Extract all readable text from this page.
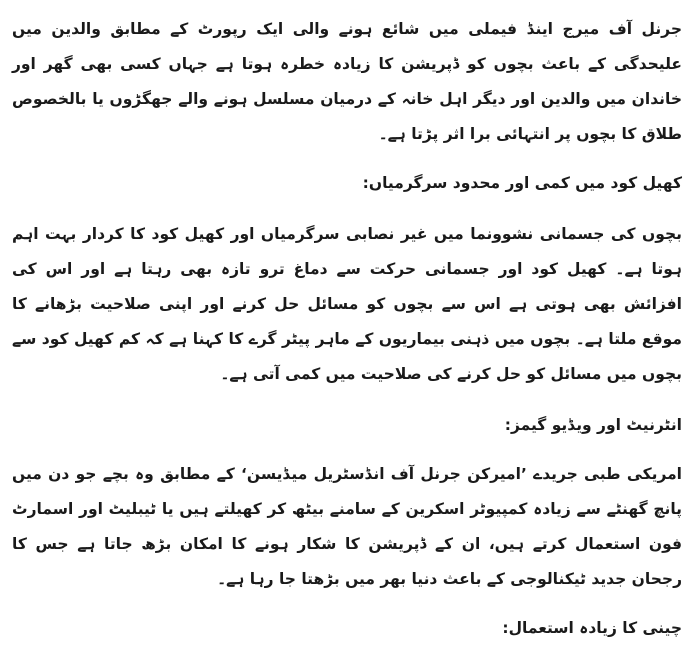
جرنل آف میرج اینڈ فیملی میں شائع ہونے والی ایک رپورٹ کے مطابق والدین میں علیحدگی کے باعث بچوں کو ڈپریشن کا زیادہ خطرہ ہوتا ہے جہاں کسی بھی گھر اور خاندان میں والدین اور دیگر اہل خانہ کے درمیان مسلسل ہونے والے جھگڑوں یا بالخصوص طلاق کا بچوں پر انتہائی برا اثر پڑتا ہے۔

کھیل کود میں کمی اور محدود سرگرمیاں:

بچوں کی جسمانی نشوونما میں غیر نصابی سرگرمیاں اور کھیل کود کا کردار بہت اہم ہوتا ہے۔ کھیل کود اور جسمانی حرکت سے دماغ ترو تازہ بھی رہتا ہے اور اس کی افزائش بھی ہوتی ہے اس سے بچوں کو مسائل حل کرنے اور اپنی صلاحیت بڑھانے کا موقع ملتا ہے۔ بچوں میں ذہنی بیماریوں کے ماہر پیٹر گرے کا کہنا ہے کہ کم کھیل کود سے بچوں میں مسائل کو حل کرنے کی صلاحیت میں کمی آتی ہے۔

انٹرنیٹ اور ویڈیو گیمز:

امریکی طبی جریدے ’امیرکن جرنل آف انڈسٹریل میڈیسن‘ کے مطابق وہ بچے جو دن میں پانچ گھنٹے سے زیادہ کمپیوٹر اسکرین کے سامنے بیٹھ کر کھیلتے ہیں یا ٹیبلیٹ اور اسمارٹ فون استعمال کرتے ہیں، ان کے ڈپریشن کا شکار ہونے کا امکان بڑھ جاتا ہے جس کا رجحان جدید ٹیکنالوجی کے باعث دنیا بھر میں بڑھتا جا رہا ہے۔

چینی کا زیادہ استعمال:
